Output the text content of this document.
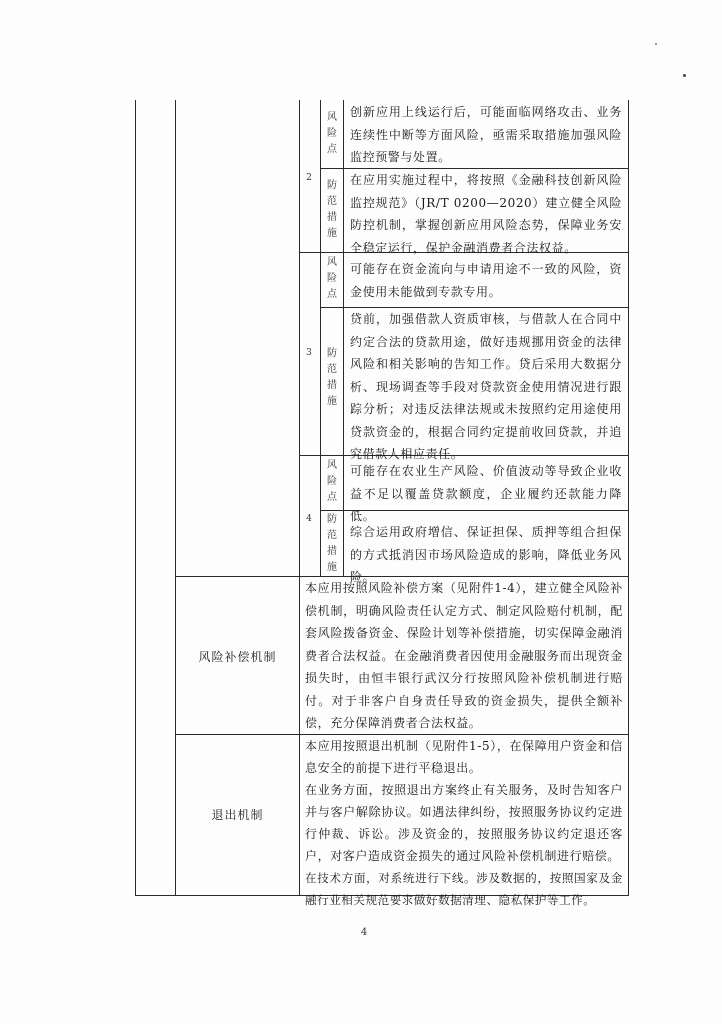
2
风险点
创新应用上线运行后，可能面临网络攻击、业务连续性中断等方面风险，亟需采取措施加强风险监控预警与处置。
防范措施
在应用实施过程中，将按照《金融科技创新风险监控规范》（JR/T 0200—2020）建立健全风险防控机制，掌握创新应用风险态势，保障业务安全稳定运行，保护金融消费者合法权益。
3
风险点
可能存在资金流向与申请用途不一致的风险，资金使用未能做到专款专用。
防范措施
贷前，加强借款人资质审核，与借款人在合同中约定合法的贷款用途，做好违规挪用资金的法律风险和相关影响的告知工作。贷后采用大数据分析、现场调查等手段对贷款资金使用情况进行跟踪分析；对违反法律法规或未按照约定用途使用贷款资金的，根据合同约定提前收回贷款，并追究借款人相应责任。
4
风险点
可能存在农业生产风险、价值波动等导致企业收益不足以覆盖贷款额度，企业履约还款能力降低。
防范措施
综合运用政府增信、保证担保、质押等组合担保的方式抵消因市场风险造成的影响，降低业务风险。
风险补偿机制
本应用按照风险补偿方案（见附件1-4），建立健全风险补偿机制，明确风险责任认定方式、制定风险赔付机制，配套风险拨备资金、保险计划等补偿措施，切实保障金融消费者合法权益。在金融消费者因使用金融服务而出现资金损失时，由恒丰银行武汉分行按照风险补偿机制进行赔付。对于非客户自身责任导致的资金损失，提供全额补偿，充分保障消费者合法权益。
退出机制
本应用按照退出机制（见附件1-5），在保障用户资金和信息安全的前提下进行平稳退出。
在业务方面，按照退出方案终止有关服务，及时告知客户并与客户解除协议。如遇法律纠纷，按照服务协议约定进行仲裁、诉讼。涉及资金的，按照服务协议约定退还客户，对客户造成资金损失的通过风险补偿机制进行赔偿。
在技术方面，对系统进行下线。涉及数据的，按照国家及金融行业相关规范要求做好数据清理、隐私保护等工作。
4
